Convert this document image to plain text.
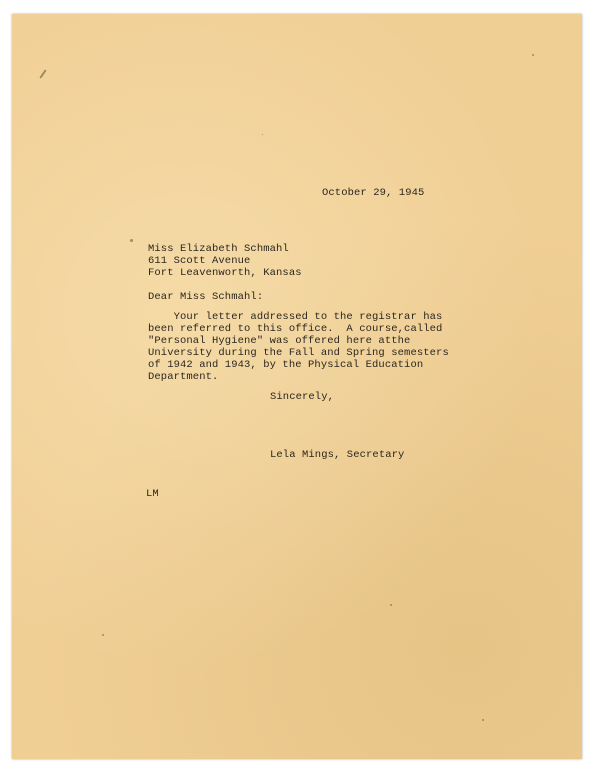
October 29, 1945
Miss Elizabeth Schmahl
611 Scott Avenue
Fort Leavenworth, Kansas
Dear Miss Schmahl:
Your letter addressed to the registrar has
been referred to this office.  A course,called
"Personal Hygiene" was offered here atthe
University during the Fall and Spring semesters
of 1942 and 1943, by the Physical Education
Department.
Sincerely,
Lela Mings, Secretary
LM
